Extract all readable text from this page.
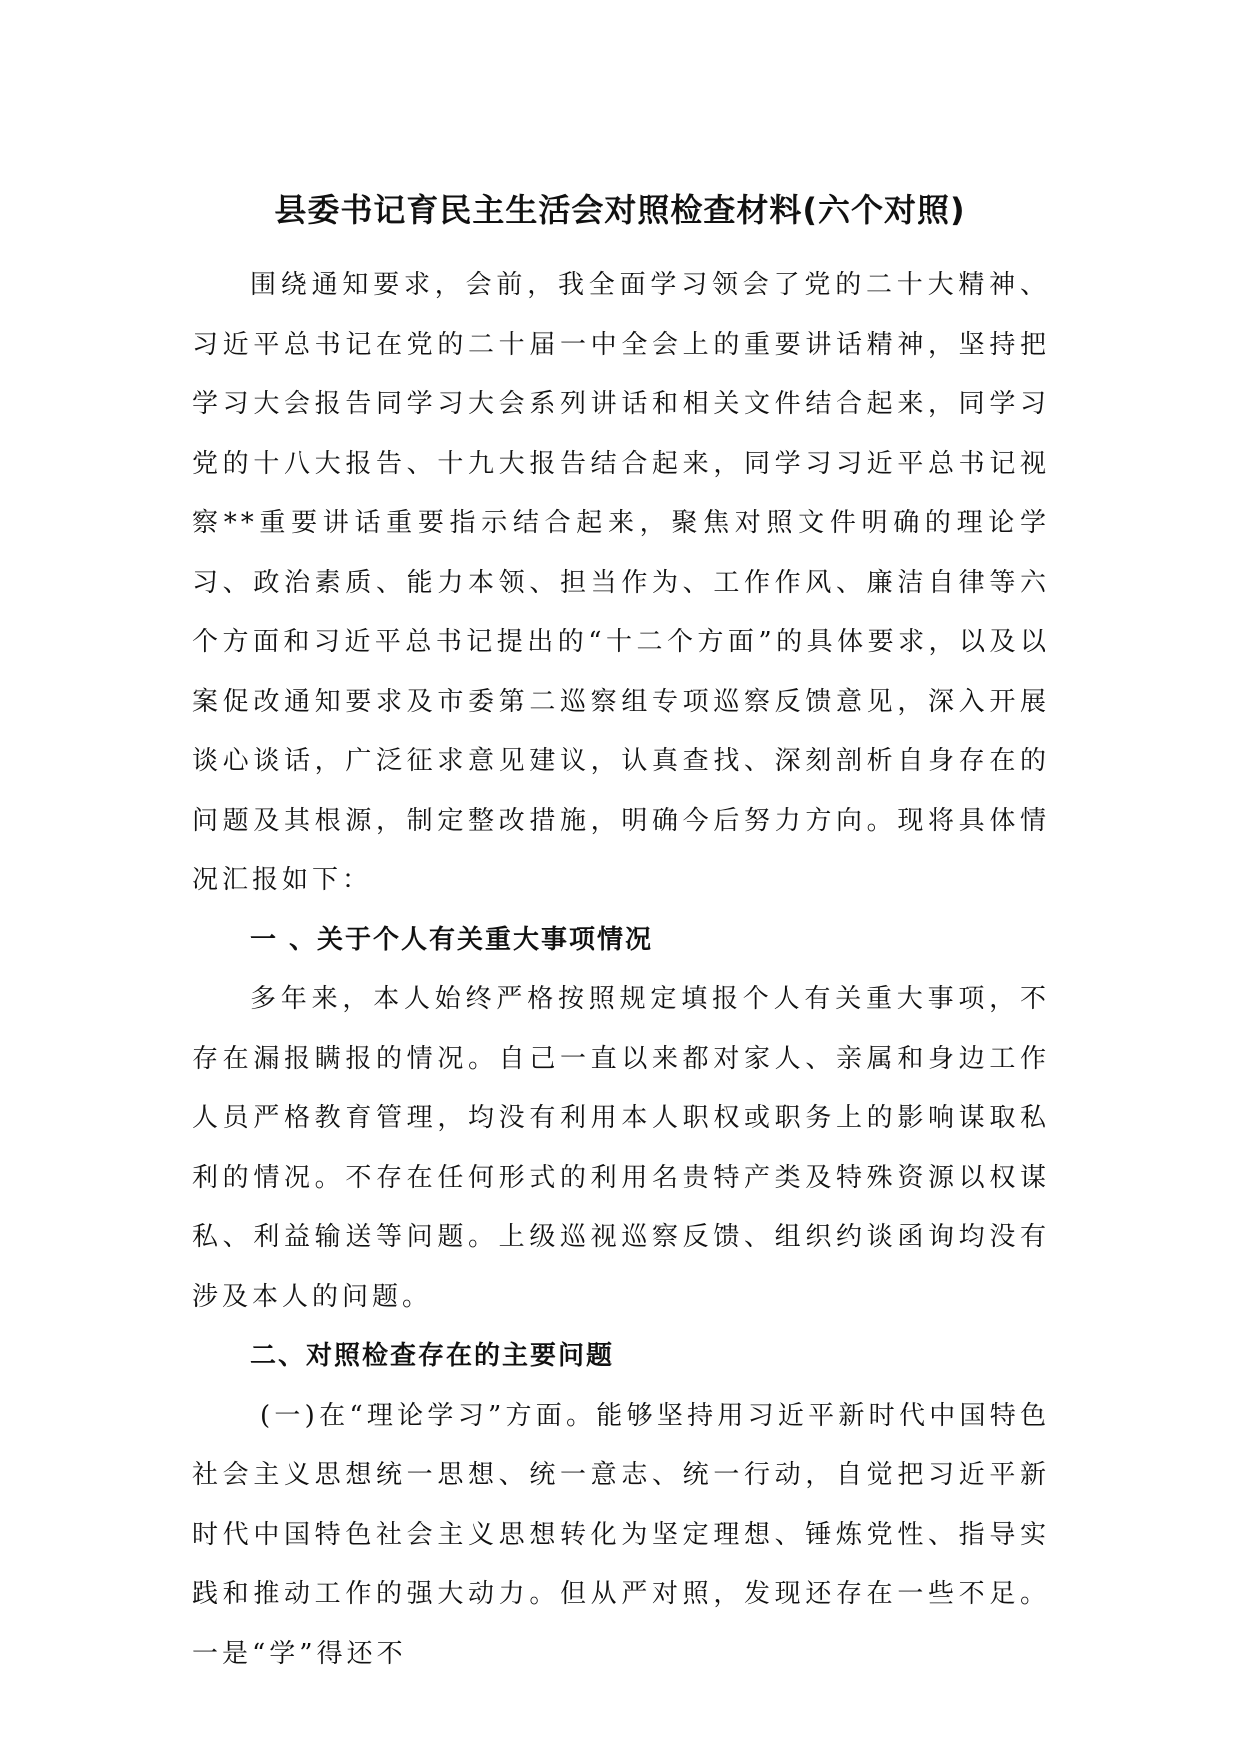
县委书记育民主生活会对照检查材料(六个对照)

围绕通知要求，会前，我全面学习领会了党的二十大精神、习近平总书记在党的二十届一中全会上的重要讲话精神，坚持把学习大会报告同学习大会系列讲话和相关文件结合起来，同学习党的十八大报告、十九大报告结合起来，同学习习近平总书记视察**重要讲话重要指示结合起来，聚焦对照文件明确的理论学习、政治素质、能力本领、担当作为、工作作风、廉洁自律等六个方面和习近平总书记提出的“十二个方面”的具体要求，以及以案促改通知要求及市委第二巡察组专项巡察反馈意见，深入开展谈心谈话，广泛征求意见建议，认真查找、深刻剖析自身存在的问题及其根源，制定整改措施，明确今后努力方向。现将具体情况汇报如下：

一 、关于个人有关重大事项情况

多年来，本人始终严格按照规定填报个人有关重大事项，不存在漏报瞒报的情况。自己一直以来都对家人、亲属和身边工作人员严格教育管理，均没有利用本人职权或职务上的影响谋取私利的情况。不存在任何形式的利用名贵特产类及特殊资源以权谋私、利益输送等问题。上级巡视巡察反馈、组织约谈函询均没有涉及本人的问题。

二、对照检查存在的主要问题

(一)在“理论学习”方面。能够坚持用习近平新时代中国特色社会主义思想统一思想、统一意志、统一行动，自觉把习近平新时代中国特色社会主义思想转化为坚定理想、锤炼党性、指导实践和推动工作的强大动力。但从严对照，发现还存在一些不足。 一是“学”得还不
